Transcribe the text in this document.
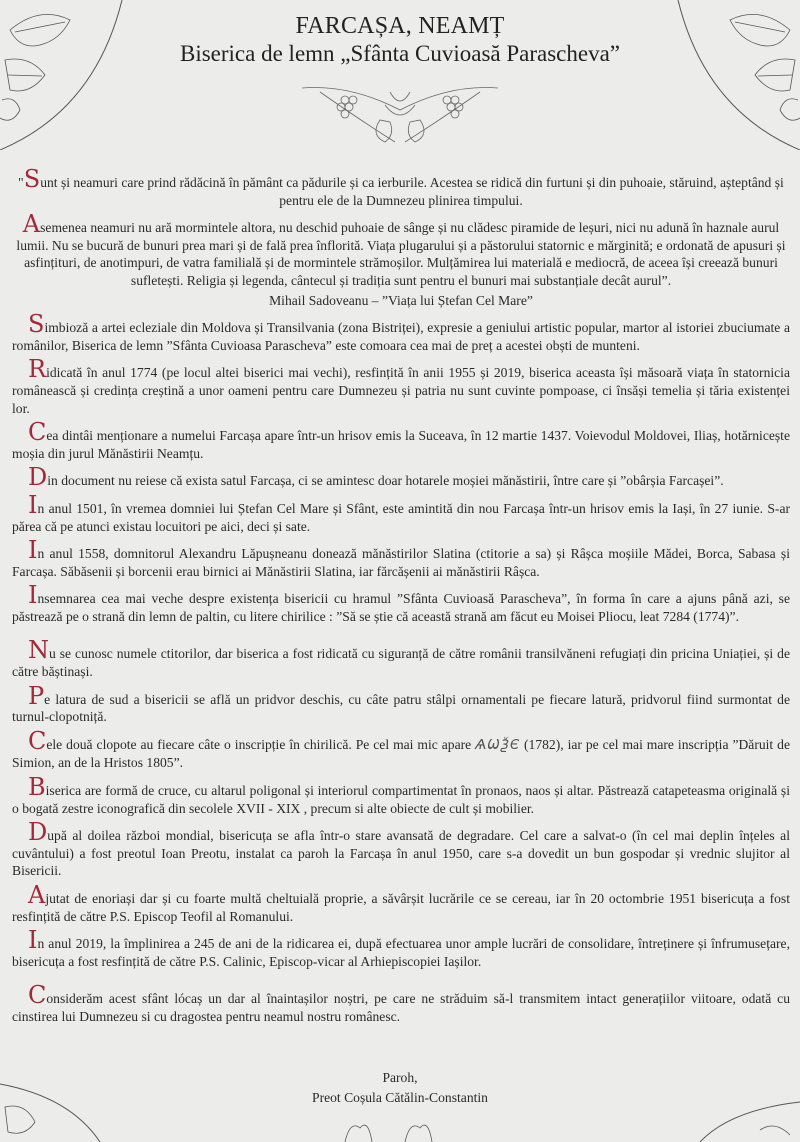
FARCAȘA, NEAMȚ
Biserica de lemn „Sfânta Cuvioasă Parascheva”

"Sunt și neamuri care prind rădăcină în pământ ca pădurile și ca ierburile. Acestea se ridică din furtuni și din puhoaie, stăruind, așteptând și pentru ele de la Dumnezeu plinirea timpului.

Asemenea neamuri nu ară mormintele altora, nu deschid puhoaie de sânge și nu clădesc piramide de leșuri, nici nu adună în haznale aurul lumii. Nu se bucură de bunuri prea mari și de fală prea înflorită. Viața plugarului și a păstorului statornic e mărginită; e ordonată de apusuri și asfințituri, de anotimpuri, de vatra familială și de mormintele strămoșilor. Mulțămirea lui materială e mediocră, de aceea își creează bunuri sufletești. Religia și legenda, cântecul și tradiția sunt pentru el bunuri mai substanțiale decât aurul”.

Mihail Sadoveanu – ”Viața lui Ștefan Cel Mare”

Simbioză a artei ecleziale din Moldova și Transilvania (zona Bistriței), expresie a geniului artistic popular, martor al istoriei zbuciumate a românilor, Biserica de lemn ”Sfânta Cuvioasa Parascheva” este comoara cea mai de preț a acestei obști de munteni.

Ridicată în anul 1774 (pe locul altei biserici mai vechi), resfințită în anii 1955 și 2019, biserica aceasta își măsoară viața în statornicia românească și credința creștină a unor oameni pentru care Dumnezeu și patria nu sunt cuvinte pompoase, ci însăși temelia și tăria existenței lor.

Cea dintâi menționare a numelui Farcașa apare într-un hrisov emis la Suceava, în 12 martie 1437. Voievodul Moldovei, Iliaș, hotărnicește moșia din jurul Mănăstirii Neamțu.

Din document nu reiese că exista satul Farcașa, ci se amintesc doar hotarele moșiei mănăstirii, între care și ”obârșia Farcașei”.

In anul 1501, în vremea domniei lui Ștefan Cel Mare și Sfânt, este amintită din nou Farcașa într-un hrisov emis la Iași, în 27 iunie. S-ar părea că pe atunci existau locuitori pe aici, deci și sate.

In anul 1558, domnitorul Alexandru Lăpușneanu donează mănăstirilor Slatina (ctitorie a sa) și Râșca moșiile Mădei, Borca, Sabasa și Farcașa. Săbăsenii și borcenii erau birnici ai Mănăstirii Slatina, iar fărcășenii ai mănăstirii Râșca.

Insemnarea cea mai veche despre existența bisericii cu hramul ”Sfânta Cuvioasă Parascheva”, în forma în care a ajuns până azi, se păstrează pe o strană din lemn de paltin, cu litere chirilice : ”Să se știe că această strană am făcut eu Moisei Pliocu, leat 7284 (1774)”.

Nu se cunosc numele ctitorilor, dar biserica a fost ridicată cu siguranță de către românii transilvăneni refugiați din pricina Uniației, și de către băștinași.

Pe latura de sud a bisericii se află un pridvor deschis, cu câte patru stâlpi ornamentali pe fiecare latură, pridvorul fiind surmontat de turnul-clopotniță.

Cele două clopote au fiecare câte o inscripție în chirilică. Pe cel mai mic apare ѦѠѮЄ (1782), iar pe cel mai mare inscripția ”Dăruit de Simion, an de la Hristos 1805”.

Biserica are formă de cruce, cu altarul poligonal și interiorul compartimentat în pronaos, naos și altar. Păstrează catapeteasma originală și o bogată zestre iconografică din secolele XVII - XIX , precum si alte obiecte de cult și mobilier.

După al doilea război mondial, bisericuța se afla într-o stare avansată de degradare. Cel care a salvat-o (în cel mai deplin înțeles al cuvântului) a fost preotul Ioan Preotu, instalat ca paroh la Farcașa în anul 1950, care s-a dovedit un bun gospodar și vrednic slujitor al Bisericii.

Ajutat de enoriași dar și cu foarte multă cheltuială proprie, a săvârșit lucrările ce se cereau, iar în 20 octombrie 1951 bisericuța a fost resfințită de către P.S. Episcop Teofil al Romanului.

In anul 2019, la împlinirea a 245 de ani de la ridicarea ei, după efectuarea unor ample lucrări de consolidare, întreținere și înfrumusețare, bisericuța a fost resfințită de către P.S. Calinic, Episcop-vicar al Arhiepiscopiei Iașilor.

Considerăm acest sfânt lócaș un dar al înaintașilor noștri, pe care ne străduim să-l transmitem intact generațiilor viitoare, odată cu cinstirea lui Dumnezeu si cu dragostea pentru neamul nostru românesc.

Paroh,
Preot Coșula Cătălin-Constantin
